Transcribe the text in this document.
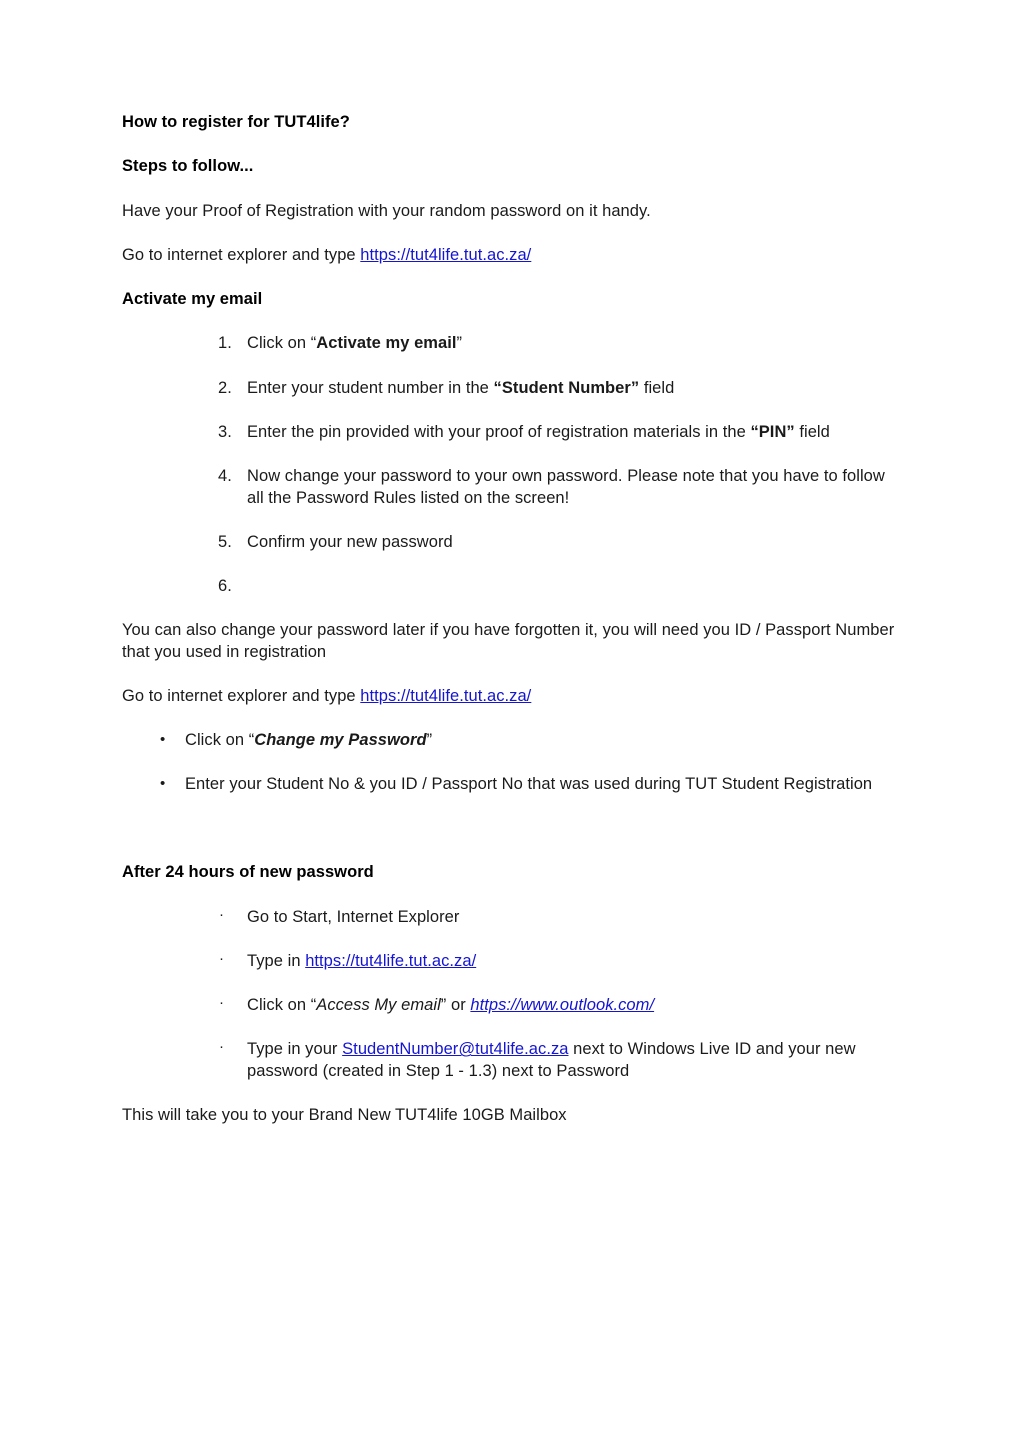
How to register for TUT4life?

Steps to follow...

Have your Proof of Registration with your random password on it handy.

Go to internet explorer and type https://tut4life.tut.ac.za/

Activate my email

1. Click on “Activate my email”
2. Enter your student number in the “Student Number” field
3. Enter the pin provided with your proof of registration materials in the “PIN” field
4. Now change your password to your own password. Please note that you have to follow all the Password Rules listed on the screen!
5. Confirm your new password
6.

You can also change your password later if you have forgotten it, you will need you ID / Passport Number that you used in registration

Go to internet explorer and type https://tut4life.tut.ac.za/

•	Click on “Change my Password”
•	Enter your Student No & you ID / Passport No that was used during TUT Student Registration

After 24 hours of new password

·	Go to Start, Internet Explorer
·	Type in https://tut4life.tut.ac.za/
·	Click on “Access My email” or https://www.outlook.com/
·	Type in your StudentNumber@tut4life.ac.za next to Windows Live ID and your new password (created in Step 1 - 1.3) next to Password

This will take you to your Brand New TUT4life 10GB Mailbox
